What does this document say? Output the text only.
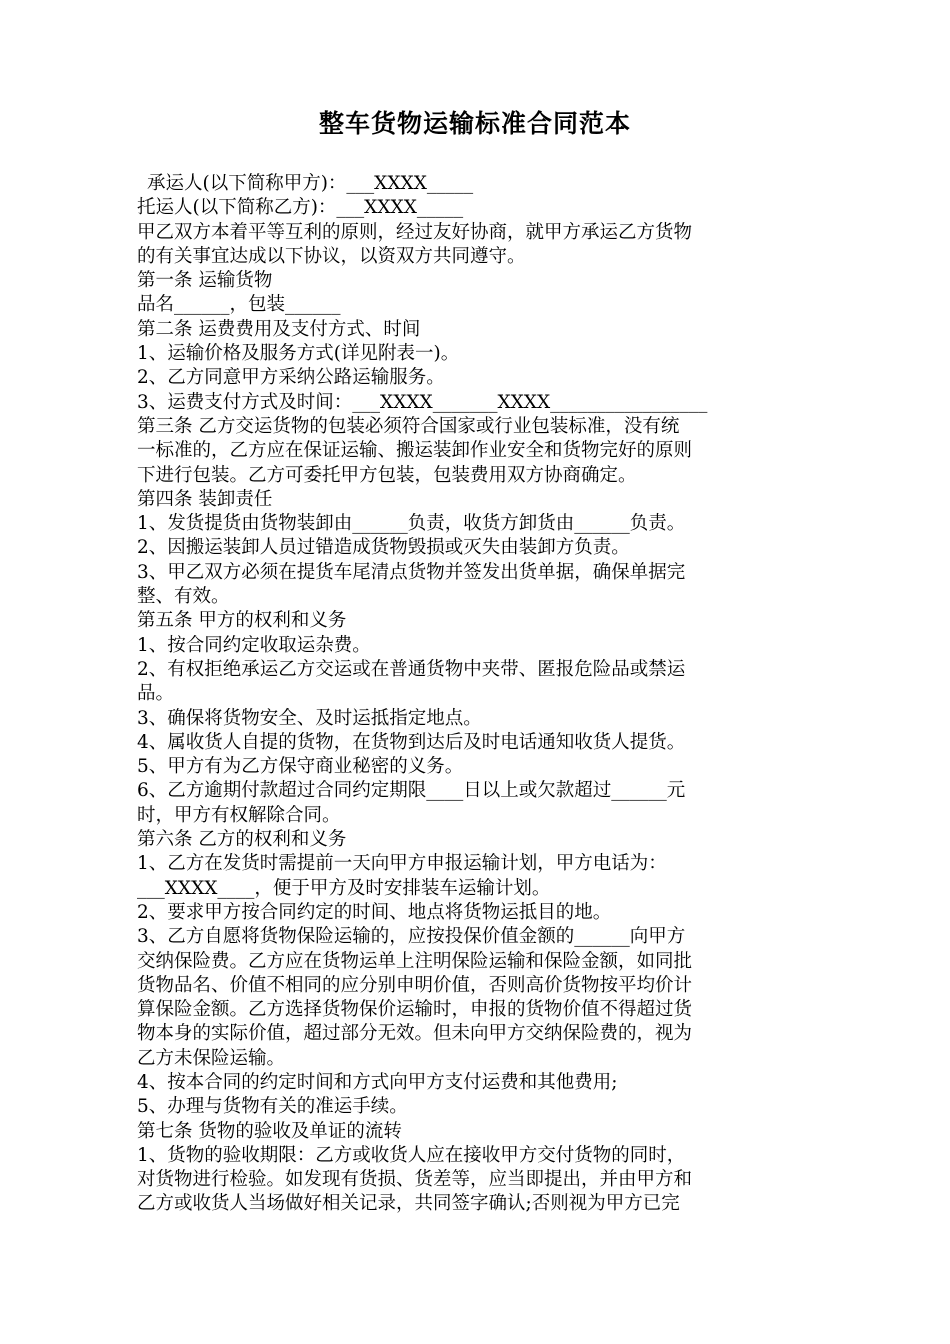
整车货物运输标准合同范本
承运人(以下简称甲方)：___XXXX_____
托运人(以下简称乙方)：___XXXX_____
甲乙双方本着平等互利的原则，经过友好协商，就甲方承运乙方货物
的有关事宜达成以下协议，以资双方共同遵守。
第一条 运输货物
品名______，包装______
第二条 运费费用及支付方式、时间
1、运输价格及服务方式(详见附表一)。
2、乙方同意甲方采纳公路运输服务。
3、运费支付方式及时间：___XXXX_______XXXX_________________
第三条 乙方交运货物的包装必须符合国家或行业包装标准，没有统
一标准的，乙方应在保证运输、搬运装卸作业安全和货物完好的原则
下进行包装。乙方可委托甲方包装，包装费用双方协商确定。
第四条 装卸责任
1、发货提货由货物装卸由______负责，收货方卸货由______负责。
2、因搬运装卸人员过错造成货物毁损或灭失由装卸方负责。
3、甲乙双方必须在提货车尾清点货物并签发出货单据，确保单据完
整、有效。
第五条 甲方的权利和义务
1、按合同约定收取运杂费。
2、有权拒绝承运乙方交运或在普通货物中夹带、匿报危险品或禁运
品。
3、确保将货物安全、及时运抵指定地点。
4、属收货人自提的货物，在货物到达后及时电话通知收货人提货。
5、甲方有为乙方保守商业秘密的义务。
6、乙方逾期付款超过合同约定期限____日以上或欠款超过______元
时，甲方有权解除合同。
第六条 乙方的权利和义务
1、乙方在发货时需提前一天向甲方申报运输计划，甲方电话为：
___XXXX____，便于甲方及时安排装车运输计划。
2、要求甲方按合同约定的时间、地点将货物运抵目的地。
3、乙方自愿将货物保险运输的，应按投保价值金额的______向甲方
交纳保险费。乙方应在货物运单上注明保险运输和保险金额，如同批
货物品名、价值不相同的应分别申明价值，否则高价货物按平均价计
算保险金额。乙方选择货物保价运输时，申报的货物价值不得超过货
物本身的实际价值，超过部分无效。但未向甲方交纳保险费的，视为
乙方未保险运输。
4、按本合同的约定时间和方式向甲方支付运费和其他费用;
5、办理与货物有关的准运手续。
第七条 货物的验收及单证的流转
1、货物的验收期限：乙方或收货人应在接收甲方交付货物的同时，
对货物进行检验。如发现有货损、货差等，应当即提出，并由甲方和
乙方或收货人当场做好相关记录，共同签字确认;否则视为甲方已完
